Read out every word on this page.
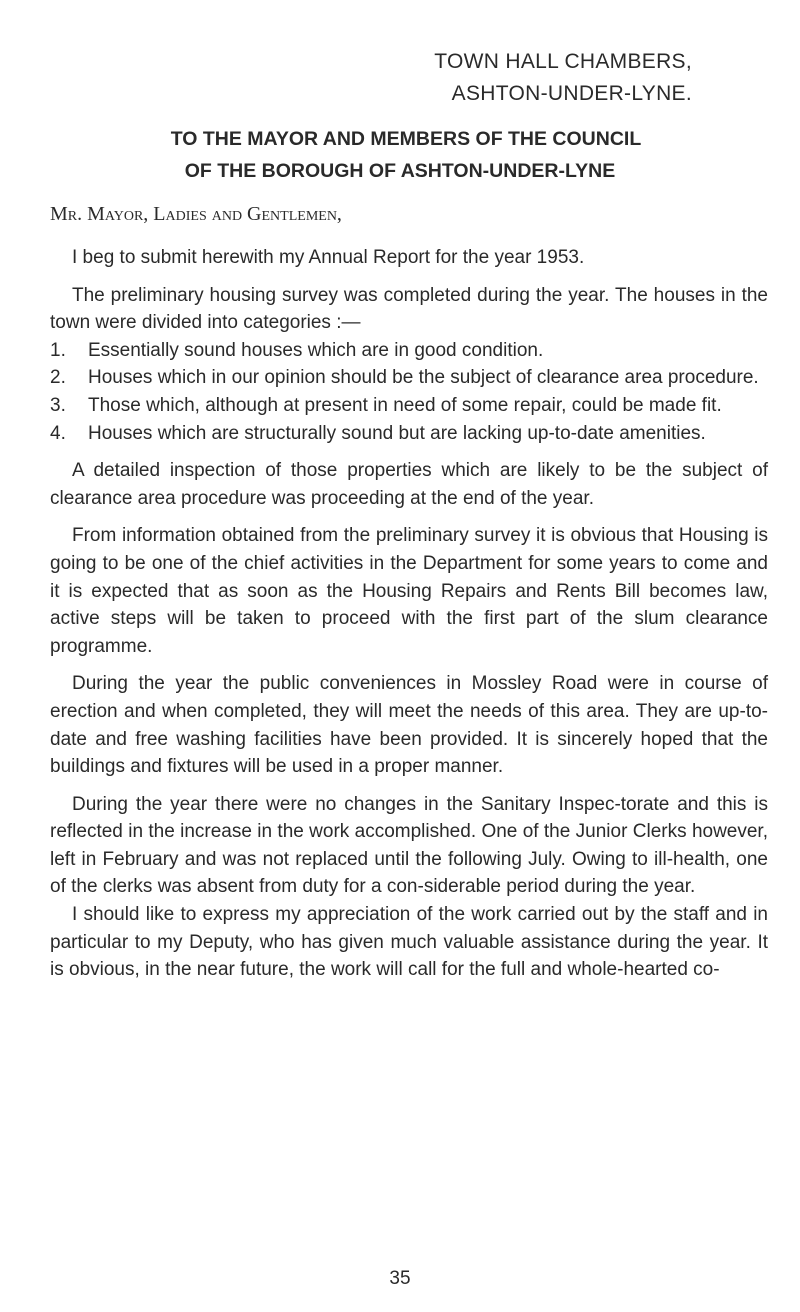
TOWN HALL CHAMBERS,
ASHTON-UNDER-LYNE.
TO THE MAYOR AND MEMBERS OF THE COUNCIL
OF THE BOROUGH OF ASHTON-UNDER-LYNE
Mr. Mayor, Ladies and Gentlemen,

I beg to submit herewith my Annual Report for the year 1953.

The preliminary housing survey was completed during the year. The houses in the town were divided into categories :—

1. Essentially sound houses which are in good condition.
2. Houses which in our opinion should be the subject of clearance area procedure.
3. Those which, although at present in need of some repair, could be made fit.
4. Houses which are structurally sound but are lacking up-to-date amenities.

A detailed inspection of those properties which are likely to be the subject of clearance area procedure was proceeding at the end of the year.

From information obtained from the preliminary survey it is obvious that Housing is going to be one of the chief activities in the Department for some years to come and it is expected that as soon as the Housing Repairs and Rents Bill becomes law, active steps will be taken to proceed with the first part of the slum clearance programme.

During the year the public conveniences in Mossley Road were in course of erection and when completed, they will meet the needs of this area. They are up-to-date and free washing facilities have been provided. It is sincerely hoped that the buildings and fixtures will be used in a proper manner.

During the year there were no changes in the Sanitary Inspec-torate and this is reflected in the increase in the work accomplished. One of the Junior Clerks however, left in February and was not replaced until the following July. Owing to ill-health, one of the clerks was absent from duty for a con-siderable period during the year.

I should like to express my appreciation of the work carried out by the staff and in particular to my Deputy, who has given much valuable assistance during the year. It is obvious, in the near future, the work will call for the full and whole-hearted co-

35
